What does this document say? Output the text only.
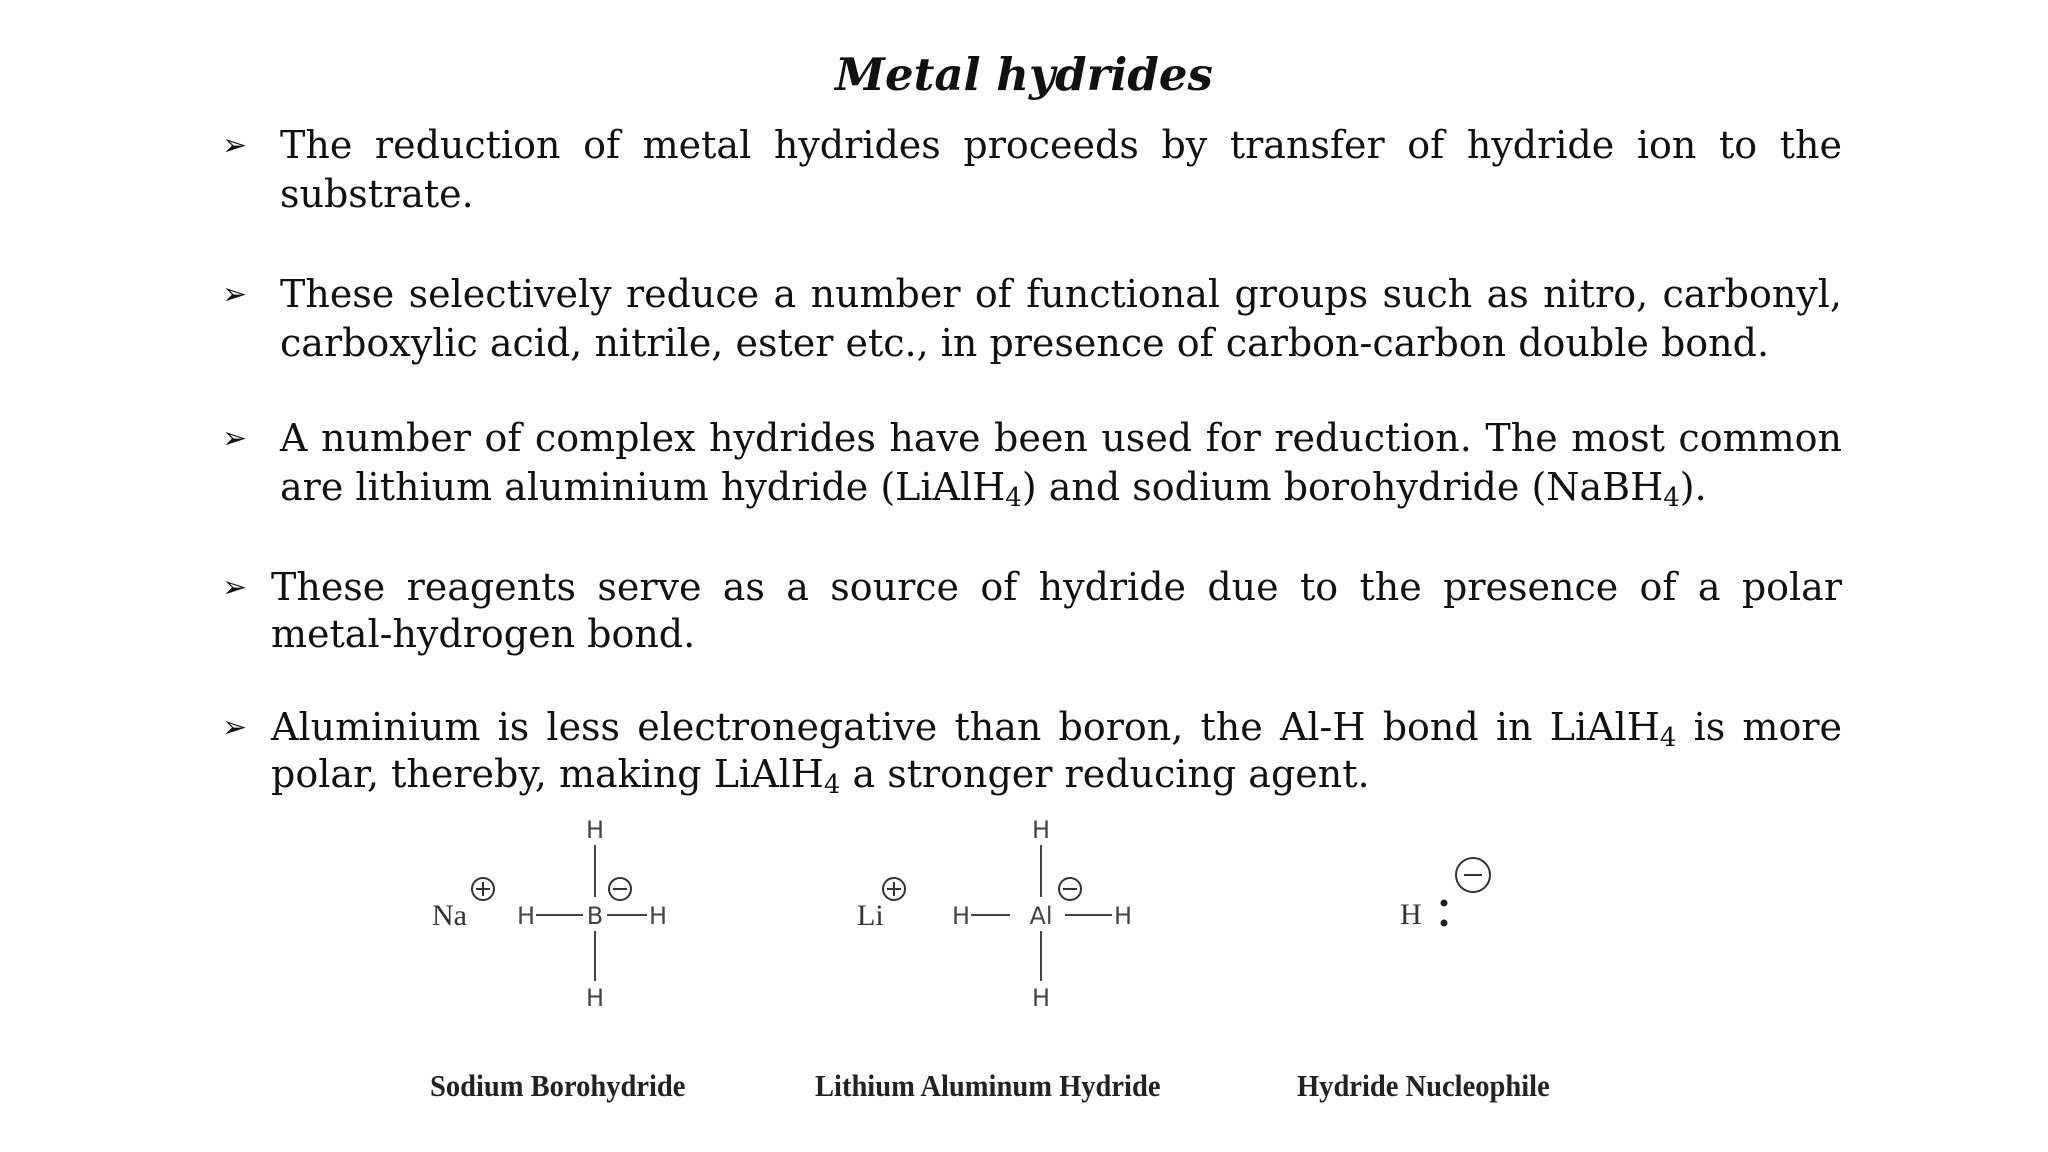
Metal hydrides
➢ The reduction of metal hydrides proceeds by transfer of hydride ion to the substrate.
➢ These selectively reduce a number of functional groups such as nitro, carbonyl, carboxylic acid, nitrile, ester etc., in presence of carbon-carbon double bond.
➢ A number of complex hydrides have been used for reduction. The most common are lithium aluminium hydride (LiAlH$_4$) and sodium borohydride (NaBH$_4$).
➢ These reagents serve as a source of hydride due to the presence of a polar metal-hydrogen bond.
➢ Aluminium is less electronegative than boron, the Al-H bond in LiAlH$_4$ is more polar, thereby, making LiAlH$_4$ a stronger reducing agent.
Na H B H
H
H
Sodium Borohydride
Li	H Al	H
H
H
Lithium Aluminum Hydride
H
Hydride Nucleophile
